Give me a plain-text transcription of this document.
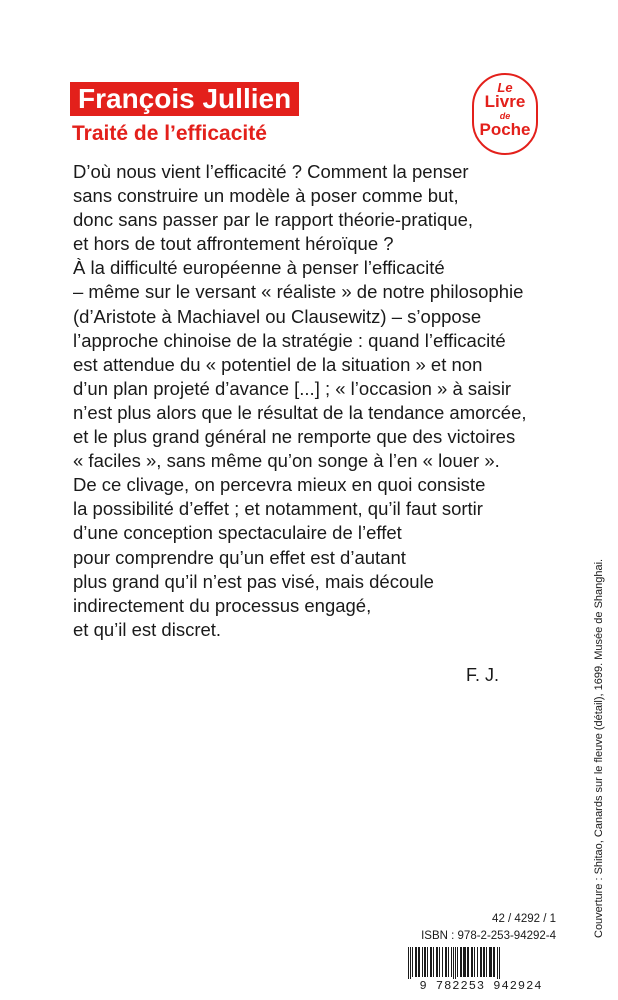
François Jullien
Traité de l’efficacité
Le
Livre
de
Poche
D’où nous vient l’efficacité ? Comment la penser
sans construire un modèle à poser comme but,
donc sans passer par le rapport théorie-pratique,
et hors de tout affrontement héroïque ?
À la difficulté européenne à penser l’efficacité
– même sur le versant « réaliste » de notre philosophie
(d’Aristote à Machiavel ou Clausewitz) – s’oppose
l’approche chinoise de la stratégie : quand l’efficacité
est attendue du « potentiel de la situation » et non
d’un plan projeté d’avance [...] ; « l’occasion » à saisir
n’est plus alors que le résultat de la tendance amorcée,
et le plus grand général ne remporte que des victoires
« faciles », sans même qu’on songe à l’en « louer ».
De ce clivage, on percevra mieux en quoi consiste
la possibilité d’effet ; et notamment, qu’il faut sortir
d’une conception spectaculaire de l’effet
pour comprendre qu’un effet est d’autant
plus grand qu’il n’est pas visé, mais découle
indirectement du processus engagé,
et qu’il est discret.
F. J.	Couverture : Shitao, Canards sur le fleuve (détail), 1699. Musée de Shanghai.
42 / 4292 / 1
ISBN : 978-2-253-94292-4
9 782253 942924
